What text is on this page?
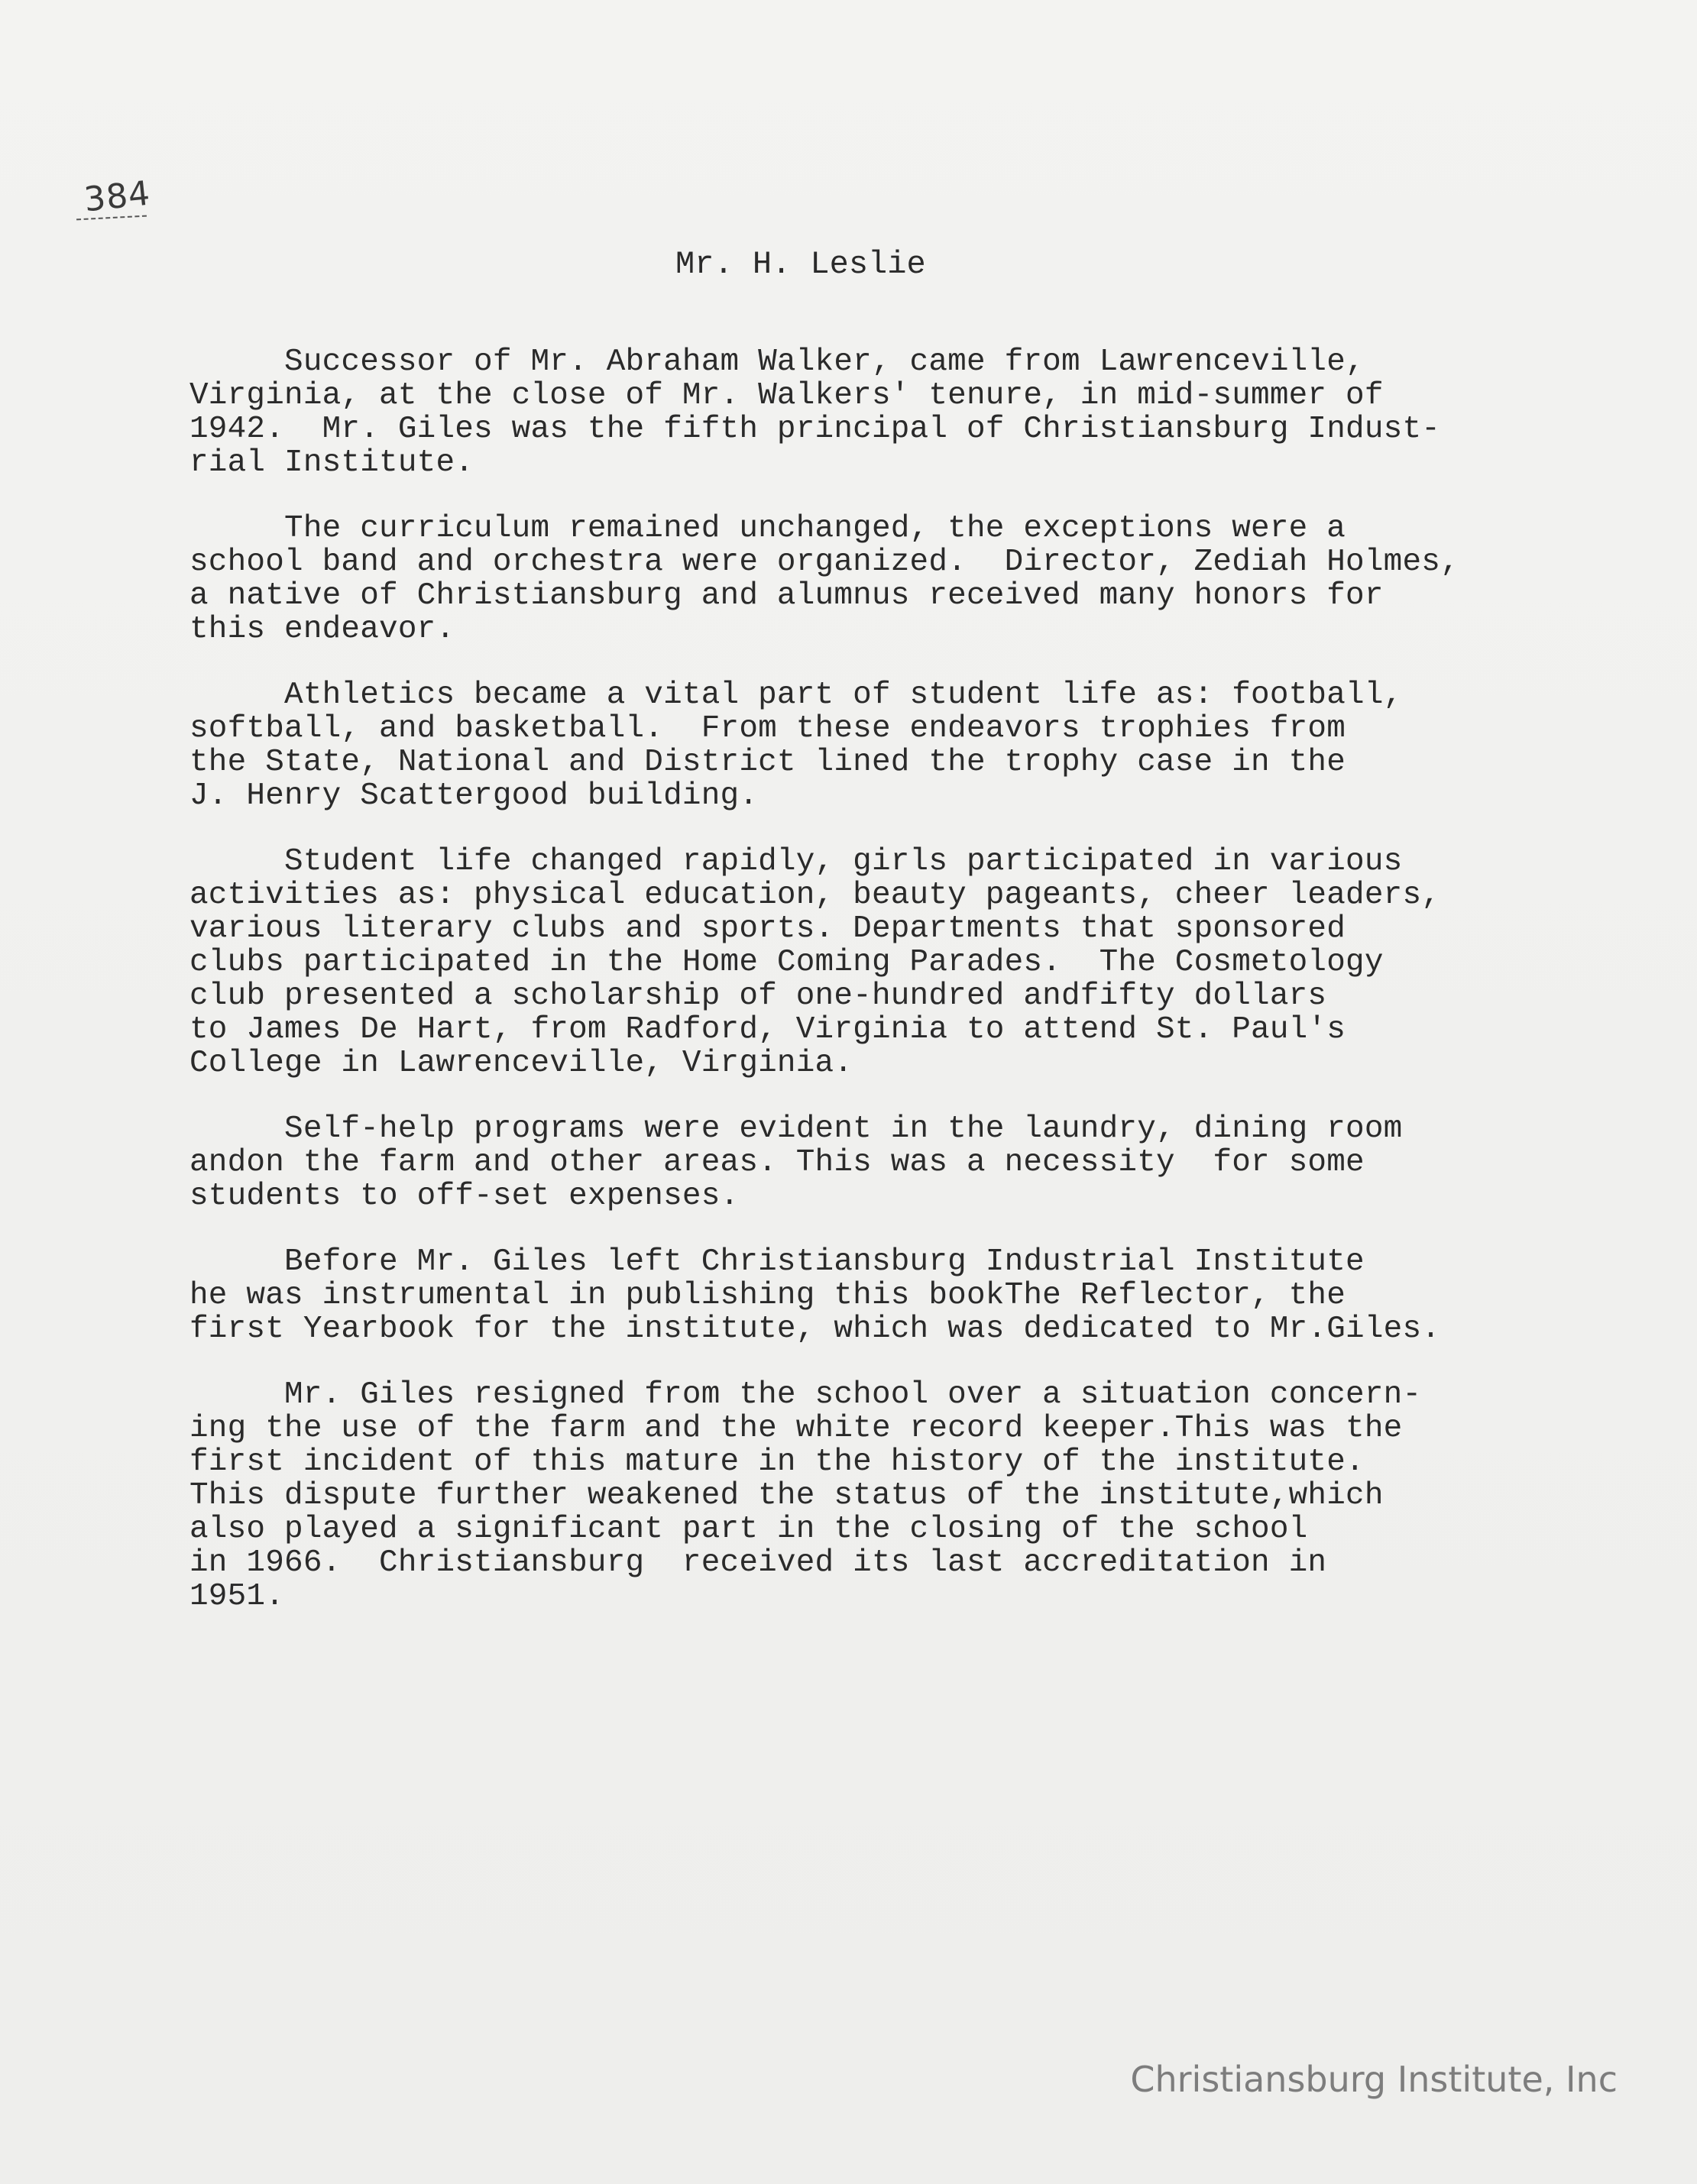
384
Mr. H. Leslie
Successor of Mr. Abraham Walker, came from Lawrenceville,
Virginia, at the close of Mr. Walkers' tenure, in mid-summer of
1942.  Mr. Giles was the fifth principal of Christiansburg Indust-
rial Institute.
The curriculum remained unchanged, the exceptions were a
school band and orchestra were organized.  Director, Zediah Holmes,
a native of Christiansburg and alumnus received many honors for
this endeavor.
Athletics became a vital part of student life as: football,
softball, and basketball.  From these endeavors trophies from
the State, National and District lined the trophy case in the
J. Henry Scattergood building.
Student life changed rapidly, girls participated in various
activities as: physical education, beauty pageants, cheer leaders,
various literary clubs and sports. Departments that sponsored
clubs participated in the Home Coming Parades.  The Cosmetology
club presented a scholarship of one-hundred andfifty dollars
to James De Hart, from Radford, Virginia to attend St. Paul's
College in Lawrenceville, Virginia.
Self-help programs were evident in the laundry, dining room
andon the farm and other areas. This was a necessity  for some
students to off-set expenses.
Before Mr. Giles left Christiansburg Industrial Institute
he was instrumental in publishing this bookThe Reflector, the
first Yearbook for the institute, which was dedicated to Mr.Giles.
Mr. Giles resigned from the school over a situation concern-
ing the use of the farm and the white record keeper.This was the
first incident of this mature in the history of the institute.
This dispute further weakened the status of the institute,which
also played a significant part in the closing of the school
in 1966.  Christiansburg  received its last accreditation in
1951.
Christiansburg Institute, Inc
